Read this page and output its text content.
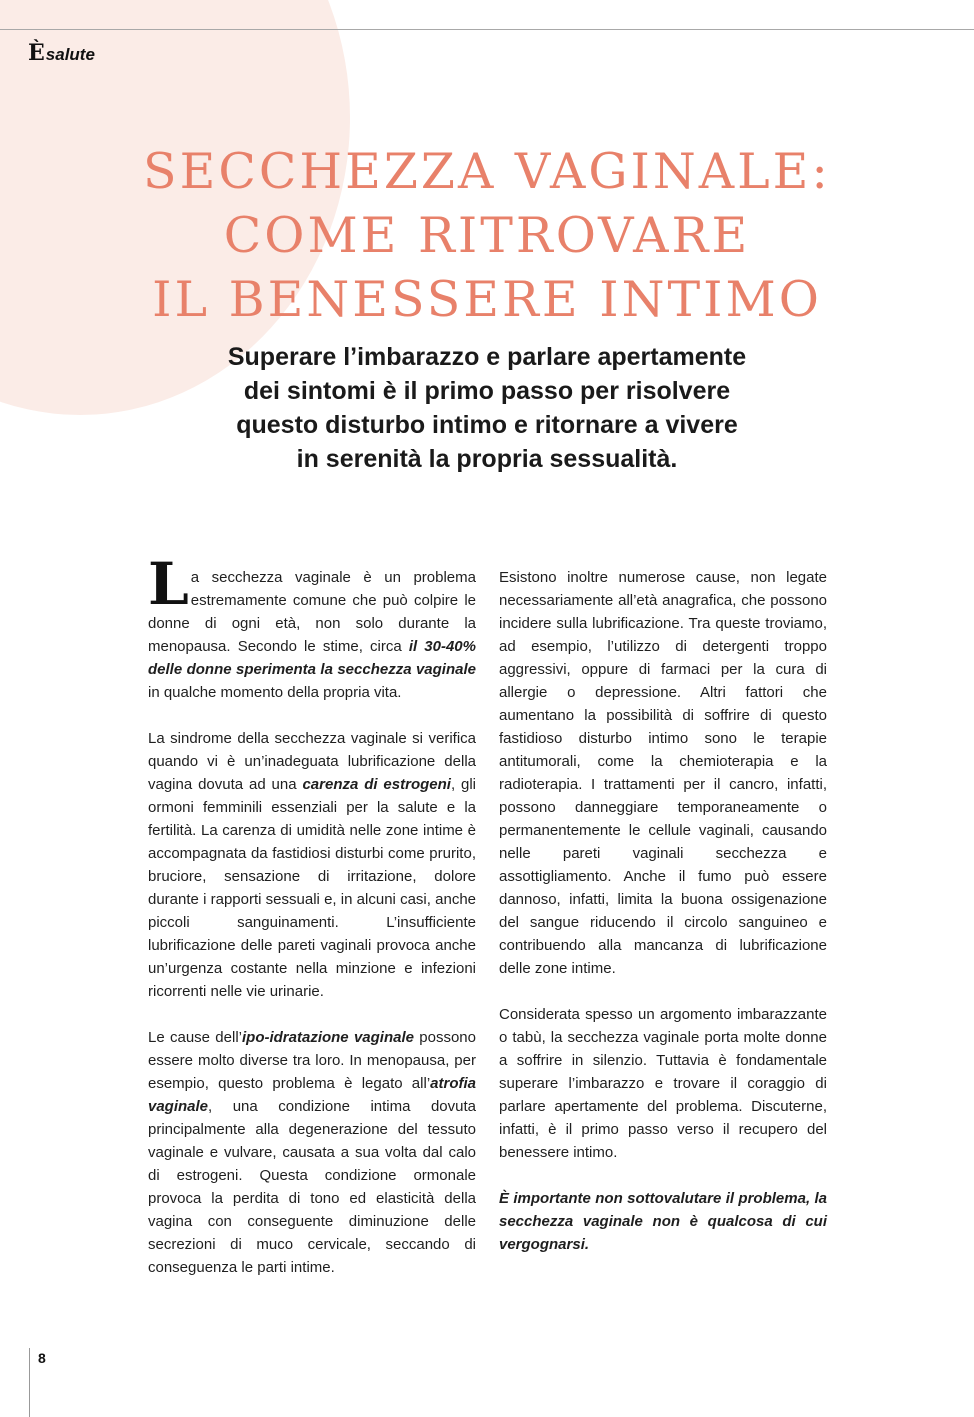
Èsalute
SECCHEZZA VAGINALE:
COME RITROVARE
IL BENESSERE INTIMO
Superare l’imbarazzo e parlare apertamente
dei sintomi è il primo passo per risolvere
questo disturbo intimo e ritornare a vivere
in serenità la propria sessualità.

La secchezza vaginale è un problema estremamente comune che può colpire le donne di ogni età, non solo durante la menopausa. Secondo le stime, circa il 30-40% delle donne sperimenta la secchezza vaginale in qualche momento della propria vita.

La sindrome della secchezza vaginale si verifica quando vi è un’inadeguata lubrificazione della vagina dovuta ad una carenza di estrogeni, gli ormoni femminili essenziali per la salute e la fertilità. La carenza di umidità nelle zone intime è accompagnata da fastidiosi disturbi come prurito, bruciore, sensazione di irritazione, dolore durante i rapporti sessuali e, in alcuni casi, anche piccoli sanguinamenti. L’insufficiente lubrificazione delle pareti vaginali provoca anche un’urgenza costante nella minzione e infezioni ricorrenti nelle vie urinarie.

Le cause dell’ipo-idratazione vaginale possono essere molto diverse tra loro. In menopausa, per esempio, questo problema è legato all’atrofia vaginale, una condizione intima dovuta principalmente alla degenerazione del tessuto vaginale e vulvare, causata a sua volta dal calo di estrogeni. Questa condizione ormonale provoca la perdita di tono ed elasticità della vagina con conseguente diminuzione delle secrezioni di muco cervicale, seccando di conseguenza le parti intime.

Esistono inoltre numerose cause, non legate necessariamente all’età anagrafica, che possono incidere sulla lubrificazione. Tra queste troviamo, ad esempio, l’utilizzo di detergenti troppo aggressivi, oppure di farmaci per la cura di allergie o depressione. Altri fattori che aumentano la possibilità di soffrire di questo fastidioso disturbo intimo sono le terapie antitumorali, come la chemioterapia e la radioterapia. I trattamenti per il cancro, infatti, possono danneggiare temporaneamente o permanentemente le cellule vaginali, causando nelle pareti vaginali secchezza e assottigliamento. Anche il fumo può essere dannoso, infatti, limita la buona ossigenazione del sangue riducendo il circolo sanguineo e contribuendo alla mancanza di lubrificazione delle zone intime.

Considerata spesso un argomento imbarazzante o tabù, la secchezza vaginale porta molte donne a soffrire in silenzio. Tuttavia è fondamentale superare l’imbarazzo e trovare il coraggio di parlare apertamente del problema. Discuterne, infatti, è il primo passo verso il recupero del benessere intimo.

È importante non sottovalutare il problema, la secchezza vaginale non è qualcosa di cui vergognarsi.

8
